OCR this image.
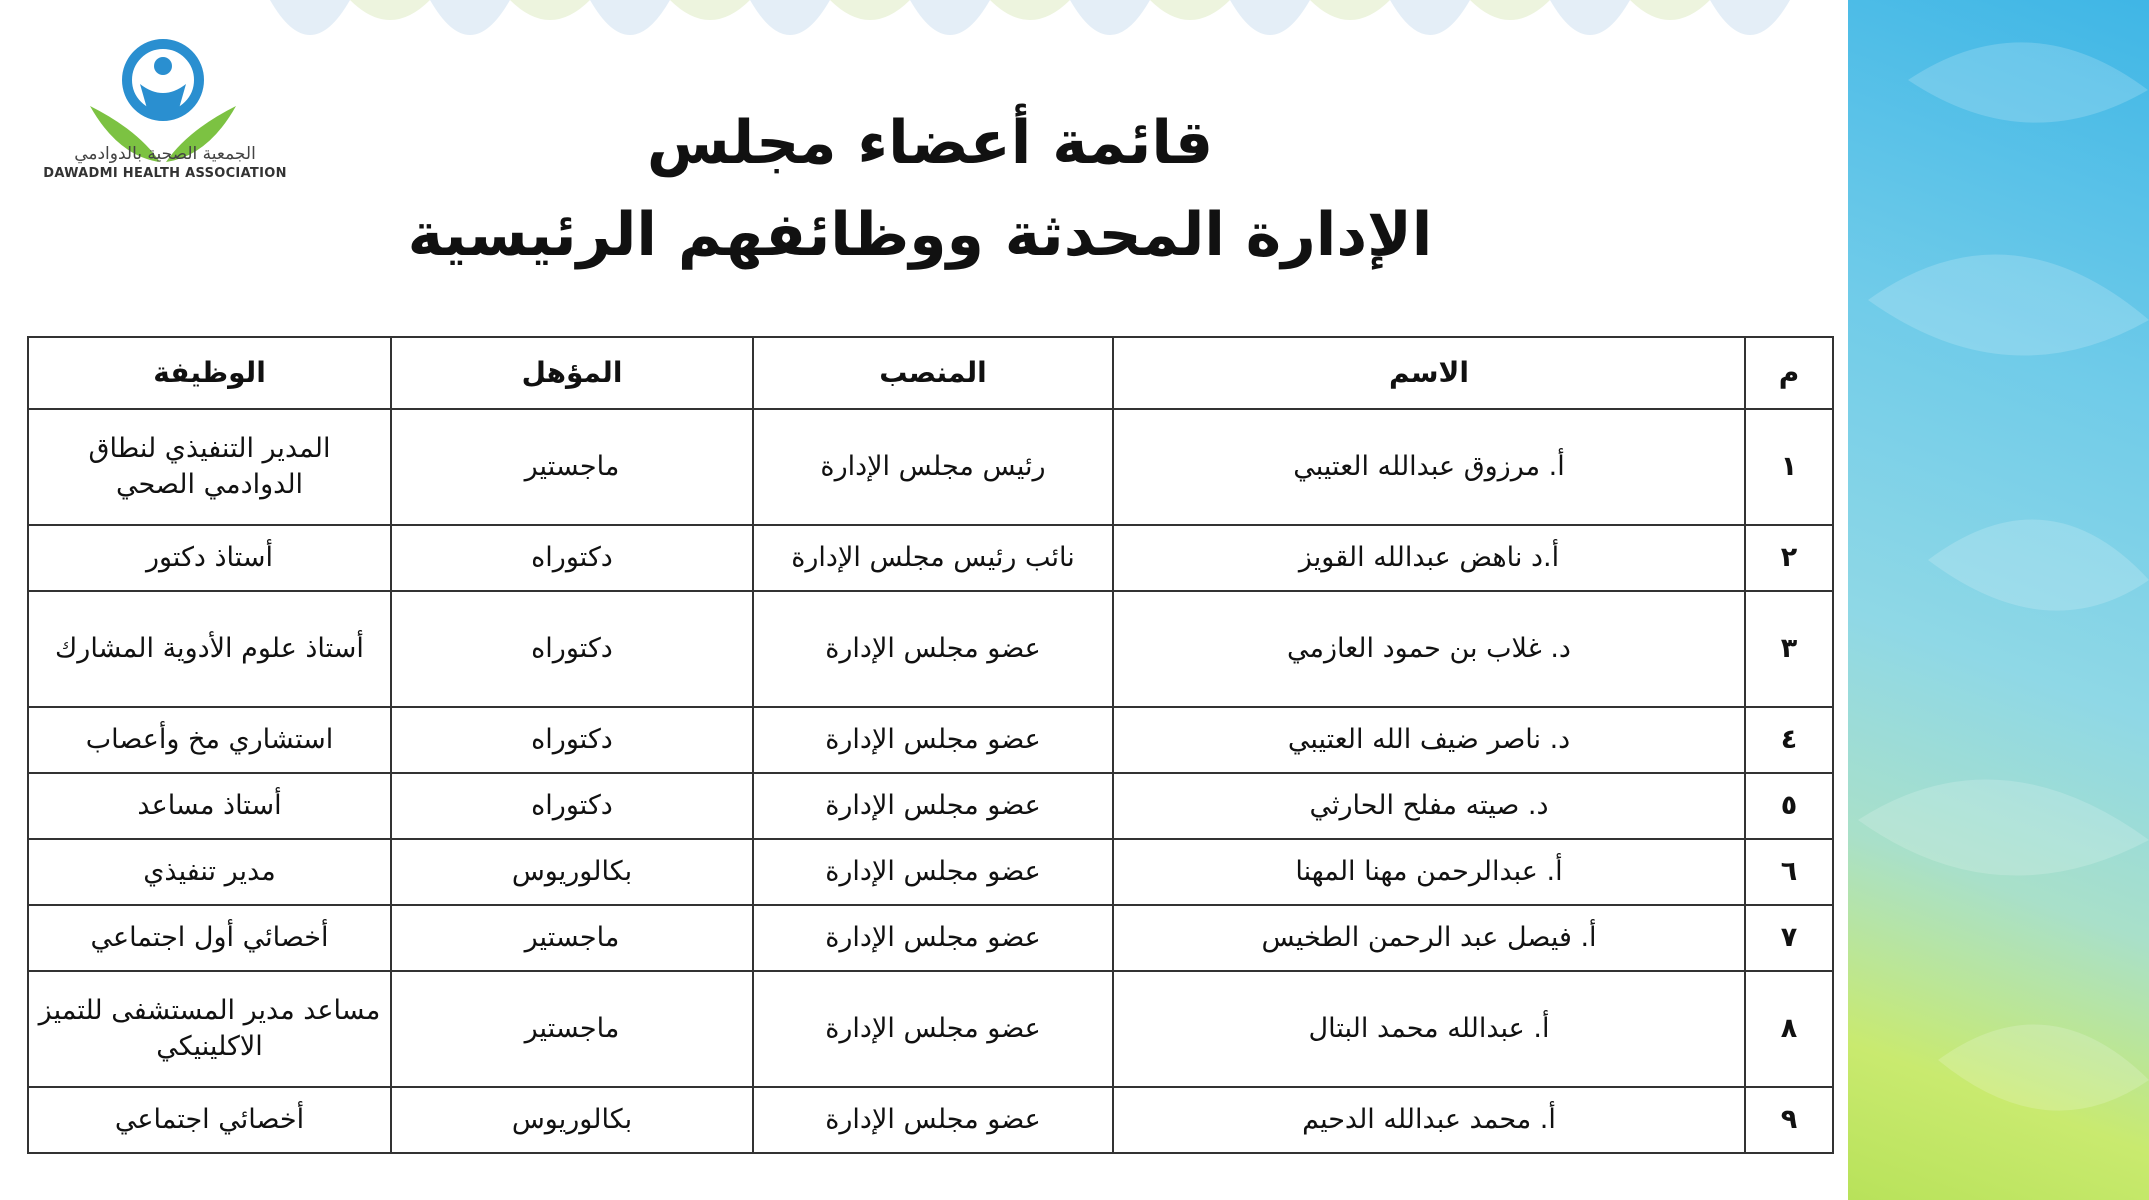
الجمعية الصحية بالدوادمي
DAWADMI HEALTH ASSOCIATION	قائمة أعضاء مجلس
الإدارة المحدثة ووظائفهم الرئيسية
م	الاسم	المنصب	المؤهل	الوظيفة
١	أ. مرزوق عبدالله العتيبي	رئيس مجلس الإدارة	ماجستير	المدير التنفيذي لنطاق الدوادمي الصحي
٢	أ.د ناهض عبدالله القويز	نائب رئيس مجلس الإدارة	دكتوراه	أستاذ دكتور
٣	د. غلاب بن حمود العازمي	عضو مجلس الإدارة	دكتوراه	أستاذ علوم الأدوية المشارك
٤	د. ناصر ضيف الله العتيبي	عضو مجلس الإدارة	دكتوراه	استشاري مخ وأعصاب
٥	د. صيته مفلح الحارثي	عضو مجلس الإدارة	دكتوراه	أستاذ مساعد
٦	أ. عبدالرحمن مهنا المهنا	عضو مجلس الإدارة	بكالوريوس	مدير تنفيذي
٧	أ. فيصل عبد الرحمن الطخيس	عضو مجلس الإدارة	ماجستير	أخصائي أول اجتماعي
٨	أ. عبدالله محمد البتال	عضو مجلس الإدارة	ماجستير	مساعد مدير المستشفى للتميز الاكلينيكي
٩	أ. محمد عبدالله الدحيم	عضو مجلس الإدارة	بكالوريوس	أخصائي اجتماعي
